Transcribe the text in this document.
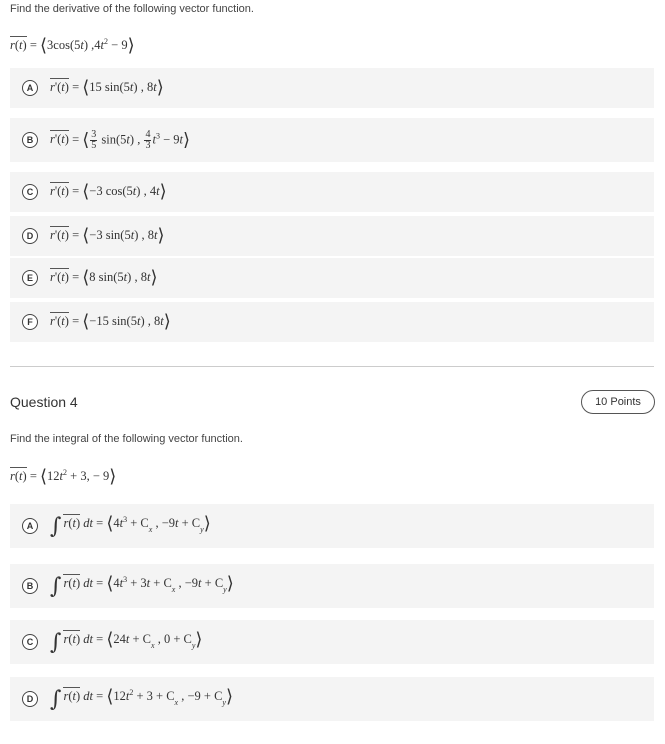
Find the derivative of the following vector function.
r(t) = ⟨3cos(5t) $,4t^2$ − 9⟩
A	r'(t) = ⟨15 sin(5t) , 8t⟩
B	r'(t) = ⟨ $\frac{3}{5} \sin(5t)$ , $\frac{4}{3} t^3$ − 9t⟩
C	r'(t) = ⟨−3 cos(5t) , 4t⟩
D	r'(t) = ⟨−3 sin(5t) , 8t⟩
E	r'(t) = ⟨8 sin(5t) , 8t⟩
F	r'(t) = ⟨−15 sin(5t) , 8t⟩
Question 4	10 Points
Find the integral of the following vector function.
$r(t) = ⟨12t^2 + 3$, − 9⟩
A ∫ r(t) dt = $⟨4t^3 + C_x$ , $-9t + C_y⟩$
B ∫ r(t) dt = $⟨4t^3 + 3t + C_x$ , $-9t + C_y⟩$
C ∫ r(t) dt = ⟨24t + $C_x$ , $0 + C_y⟩$
D ∫ r(t) dt = $⟨12t^2 + 3 + C_x$ , $-9 + C_y⟩$
